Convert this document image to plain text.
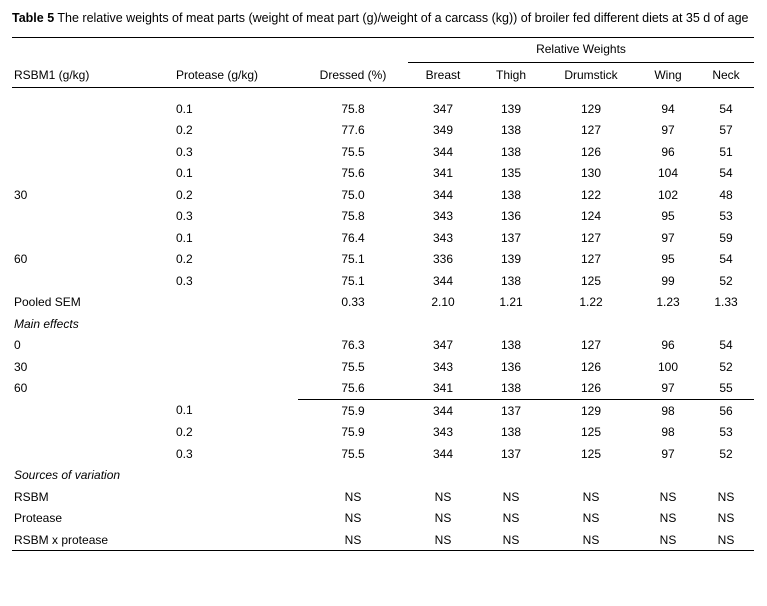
Table 5 The relative weights of meat parts (weight of meat part (g)/weight of a carcass (kg)) of broiler fed different diets at 35 d of age

			Relative Weights				
RSBM1 (g/kg)	Protease (g/kg)	Dressed (%)	Breast	Thigh	Drumstick	Wing	Neck

	0.1	75.8	347	139	129	94	54
	0.2	77.6	349	138	127	97	57
	0.3	75.5	344	138	126	96	51
	0.1	75.6	341	135	130	104	54
30	0.2	75.0	344	138	122	102	48
	0.3	75.8	343	136	124	95	53
	0.1	76.4	343	137	127	97	59
60	0.2	75.1	336	139	127	95	54
	0.3	75.1	344	138	125	99	52
Pooled SEM		0.33	2.10	1.21	1.22	1.23	1.33
Main effects							
0		76.3	347	138	127	96	54
30		75.5	343	136	126	100	52
60		75.6	341	138	126	97	55
	0.1	75.9	344	137	129	98	56
	0.2	75.9	343	138	125	98	53
	0.3	75.5	344	137	125	97	52
Sources of variation							
RSBM		NS	NS	NS	NS	NS	NS
Protease		NS	NS	NS	NS	NS	NS
RSBM x protease		NS	NS	NS	NS	NS	NS
